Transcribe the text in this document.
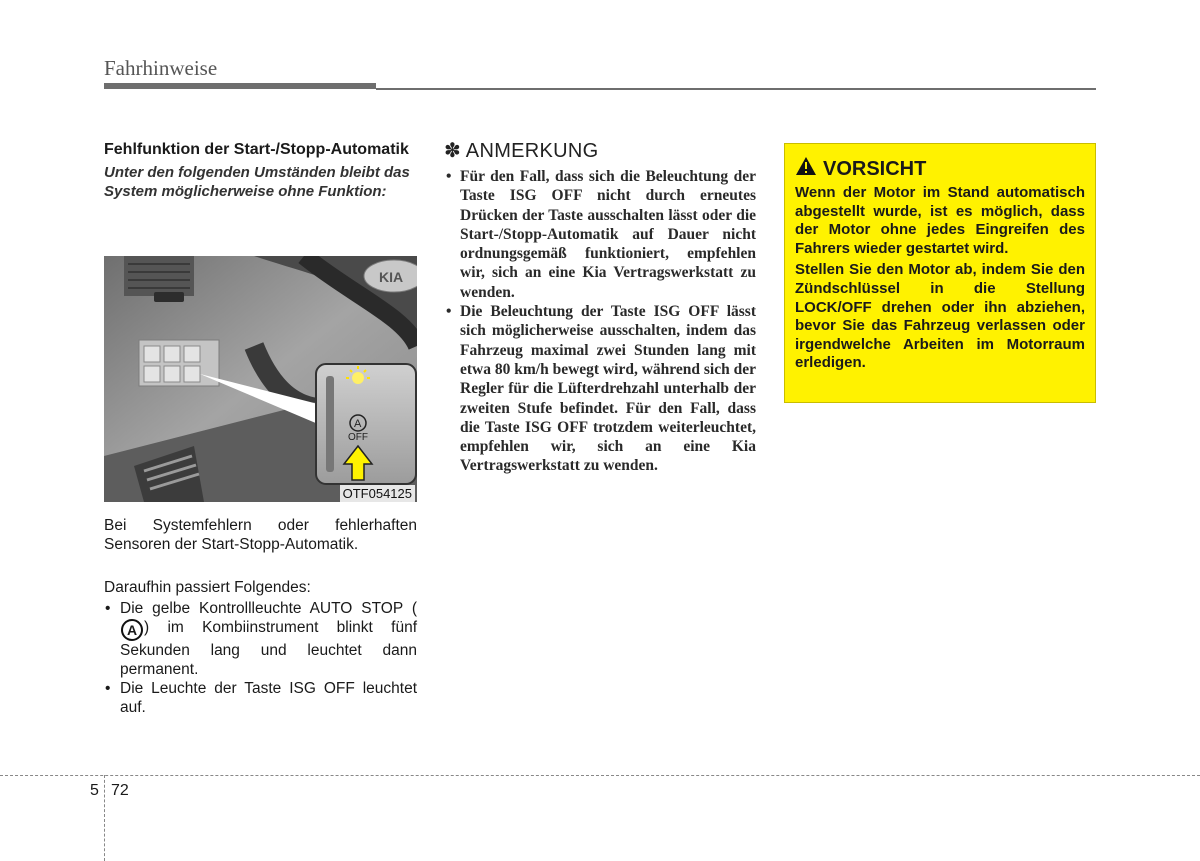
Fahrhinweise

Fehlfunktion der Start-/Stopp-Automatik

Unter den folgenden Umständen bleibt das System möglicherweise ohne Funktion:

KIA
A
OFF
OTF054125

Bei Systemfehlern oder fehlerhaften Sensoren der Start-Stopp-Automatik.

Daraufhin passiert Folgendes:

• Die gelbe Kontrollleuchte AUTO STOP (A ) im Kombiinstrument blinkt fünf Sekunden lang und leuchtet dann permanent.
• Die Leuchte der Taste ISG OFF leuchtet auf.

✽ ANMERKUNG

• Für den Fall, dass sich die Beleuchtung der Taste ISG OFF nicht durch erneutes Drücken der Taste ausschalten lässt oder die Start-/Stopp-Automatik auf Dauer nicht ordnungsgemäß funktioniert, empfehlen wir, sich an eine Kia Vertragswerkstatt zu wenden.
• Die Beleuchtung der Taste ISG OFF lässt sich möglicherweise ausschalten, indem das Fahrzeug maximal zwei Stunden lang mit etwa 80 km/h bewegt wird, während sich der Regler für die Lüfterdrehzahl unterhalb der zweiten Stufe befindet. Für den Fall, dass die Taste ISG OFF trotzdem weiterleuchtet, empfehlen wir, sich an eine Kia Vertragswerkstatt zu wenden.
VORSICHT

Wenn der Motor im Stand automatisch abgestellt wurde, ist es möglich, dass der Motor ohne jedes Eingreifen des Fahrers wieder gestartet wird.

Stellen Sie den Motor ab, indem Sie den Zündschlüssel in die Stellung LOCK/OFF drehen oder ihn abziehen, bevor Sie das Fahrzeug verlassen oder irgendwelche Arbeiten im Motorraum erledigen.

5 72
